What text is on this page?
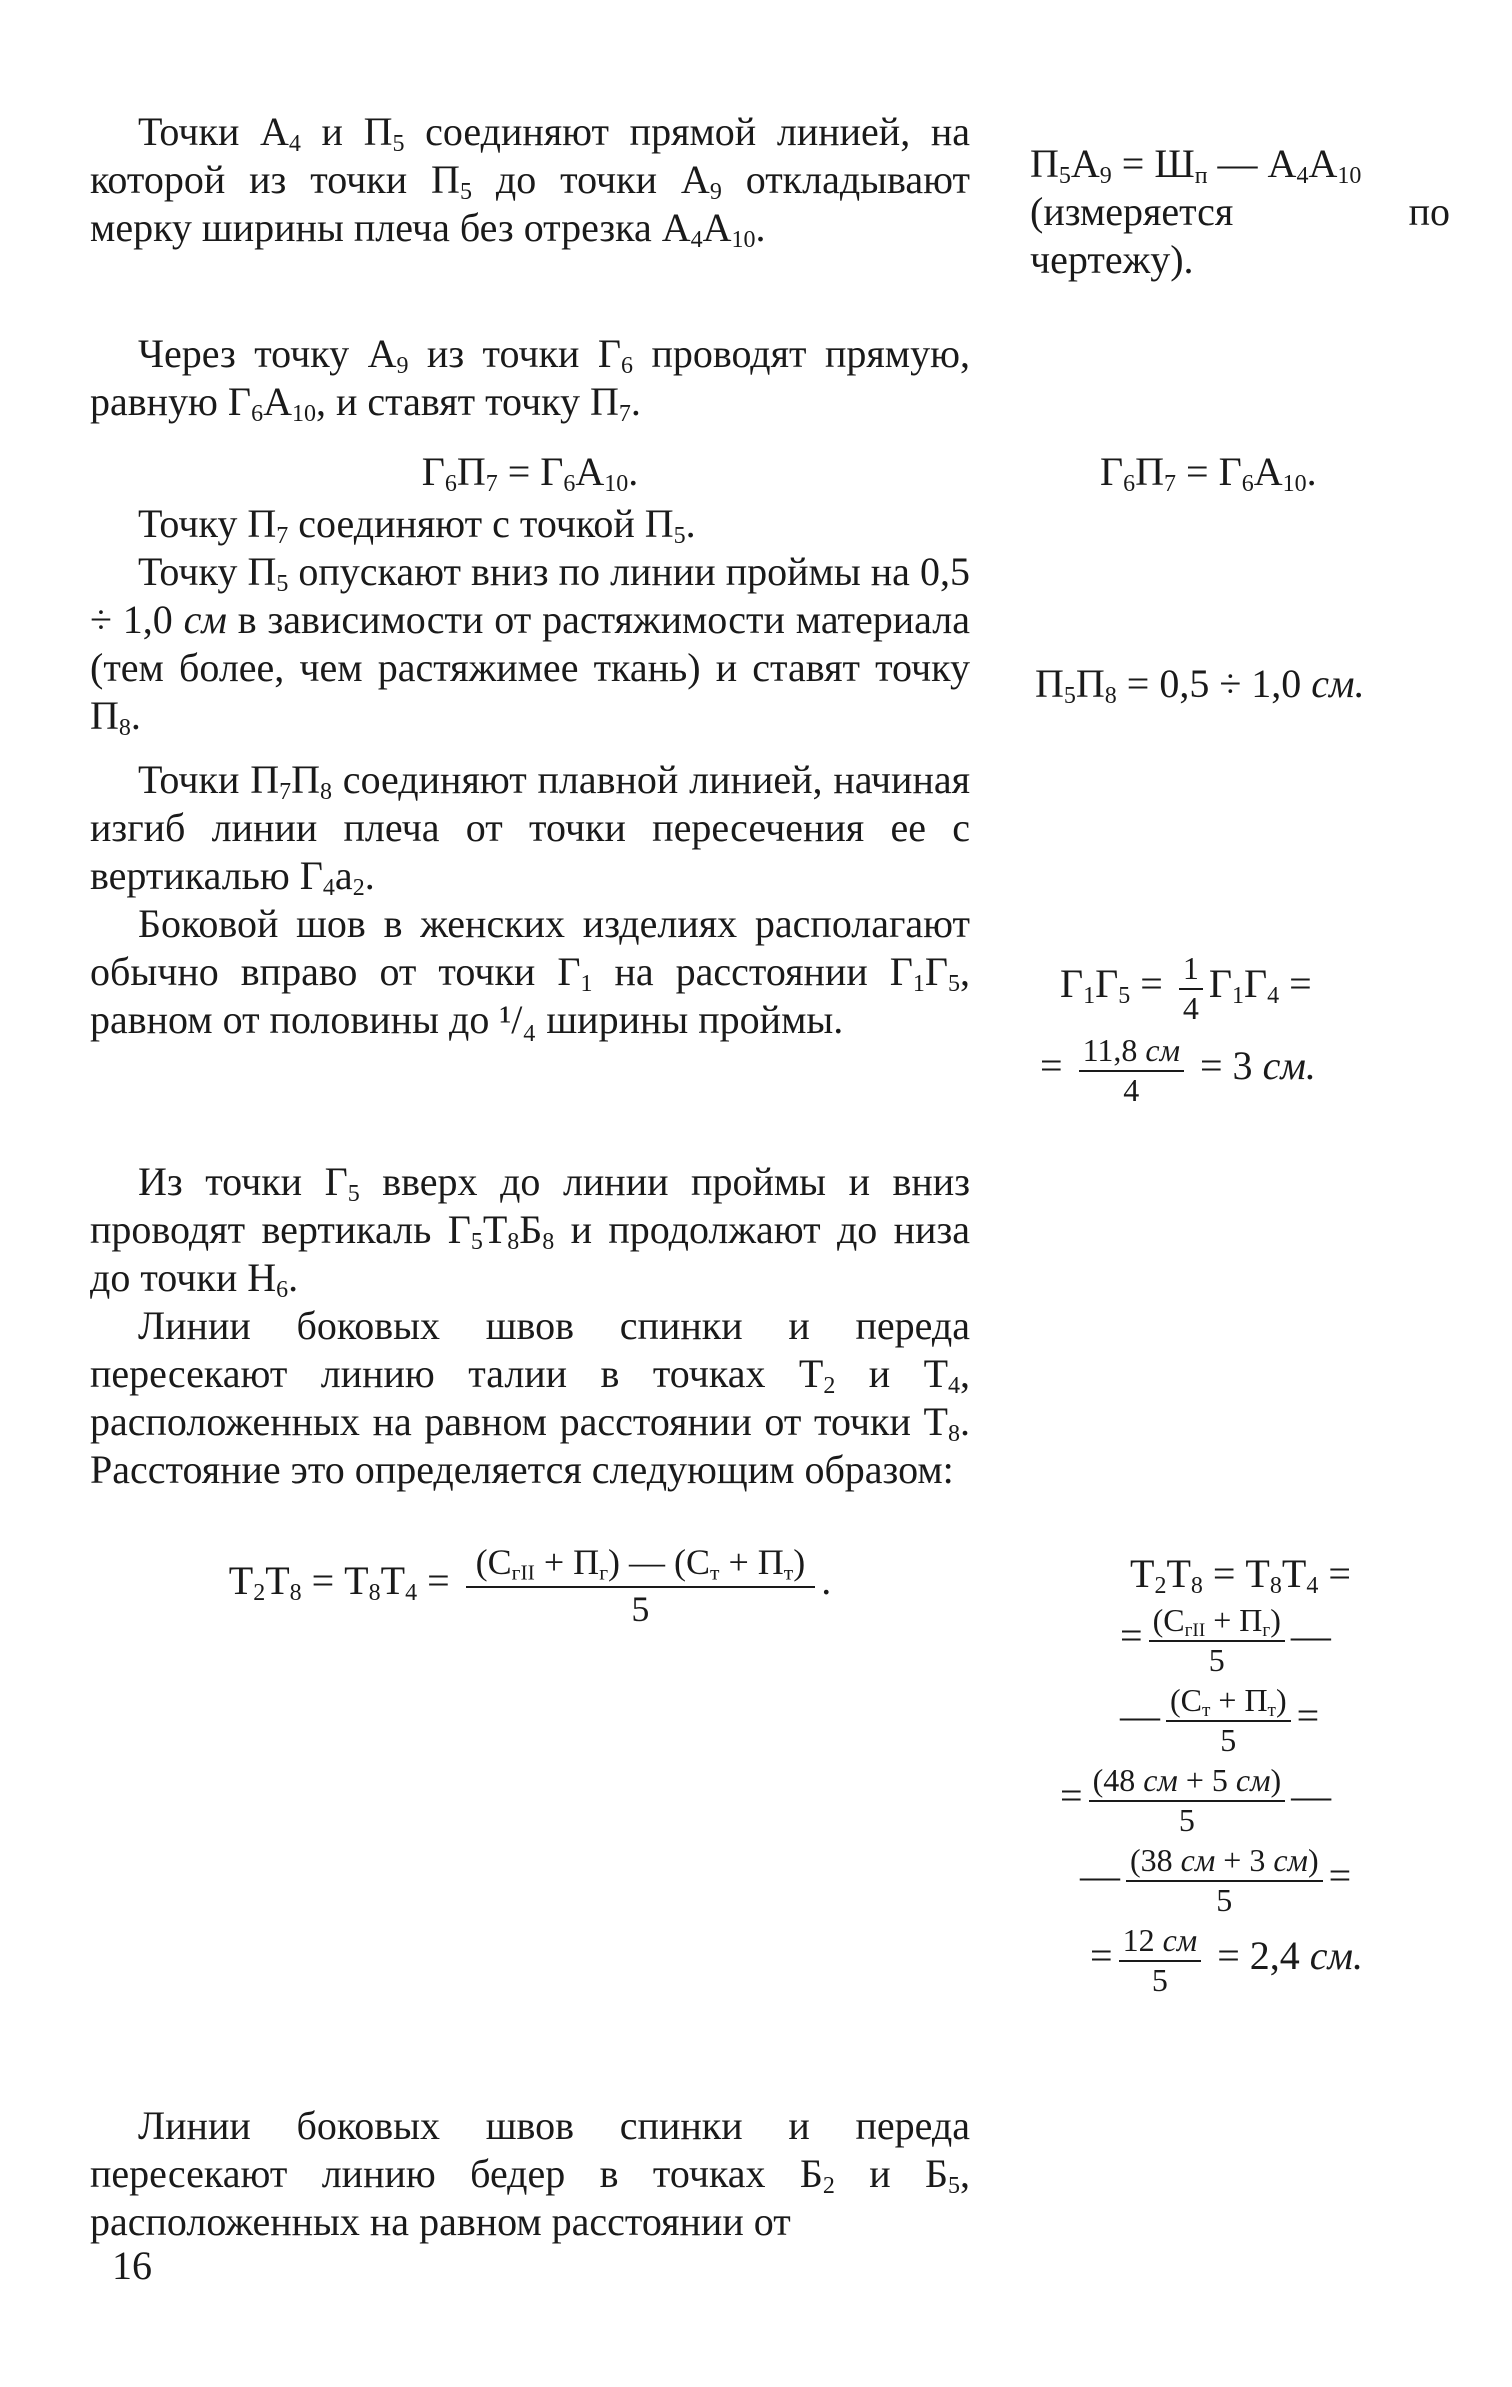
Точки $А_4$ и $П_5$ соединяют прямой линией, на которой из точки $П_5$ до точки $А_9$ откладывают мерку ширины плеча без отрезка $А_4А_{10}$.

Через точку $А_9$ из точки $Г_6$ проводят прямую, равную $Г_6А_{10}$, и ставят точку $П_7$.

$Г_6П_7 = Г_6А_{10}$.

Точку $П_7$ соединяют с точкой $П_5$.

Точку $П_5$ опускают вниз по линии проймы на 0,5 ÷ 1,0 см в зависимости от растяжимости материала (тем более, чем растяжимее ткань) и ставят точку $П_8$.

Точки $П_7П_8$ соединяют плавной линией, начиная изгиб линии плеча от точки пересечения ее с вертикалью $Г_4а_2$.

Боковой шов в женских изделиях располагают обычно вправо от точки $Г_1$ на расстоянии $Г_1Г_5$, равном от половины до ¹/₄ ширины проймы.

Из точки $Г_5$ вверх до линии проймы и вниз проводят вертикаль $Г_5Т_8Б_8$ и продолжают до низа до точки $Н_6$.

Линии боковых швов спинки и переда пересекают линию талии в точках $Т_2$ и $Т_4$, расположенных на равном расстоянии от точки $Т_8$. Расстояние это определяется следующим образом:

$Т_2Т_8 = Т_8Т_4 = \frac{(С_{гII} + П_г) — (С_т + П_т)}{5}$ .

Линии боковых швов спинки и переда пересекают линию бедер в точках $Б_2$ и $Б_5$, расположенных на равном расстоянии от

$П_5А_9 = Ш_п$ — $А_4А_{10}$

(измеряется по чертежу).

$Г_6П_7 = Г_6А_{10}$.
$П_5П_8 = 0,5 \div 1,0$ см.
$Г_1Г_5 = \frac{1}{4} Г_1Г_4$ =
= $\frac{11,8 см}{4} = 3$ см.
$Т_2Т_8 = Т_8Т_4$ =
= $\frac{(С_{гII} + П_г)}{5}$ —
— $\frac{(С_т + П_т)}{5}$ =
= $\frac{(48 см + 5 см)}{5}$ —
— $\frac{(38 см + 3 см)}{5}$ =
= $\frac{12 см}{5} = 2,4$ см.
16
